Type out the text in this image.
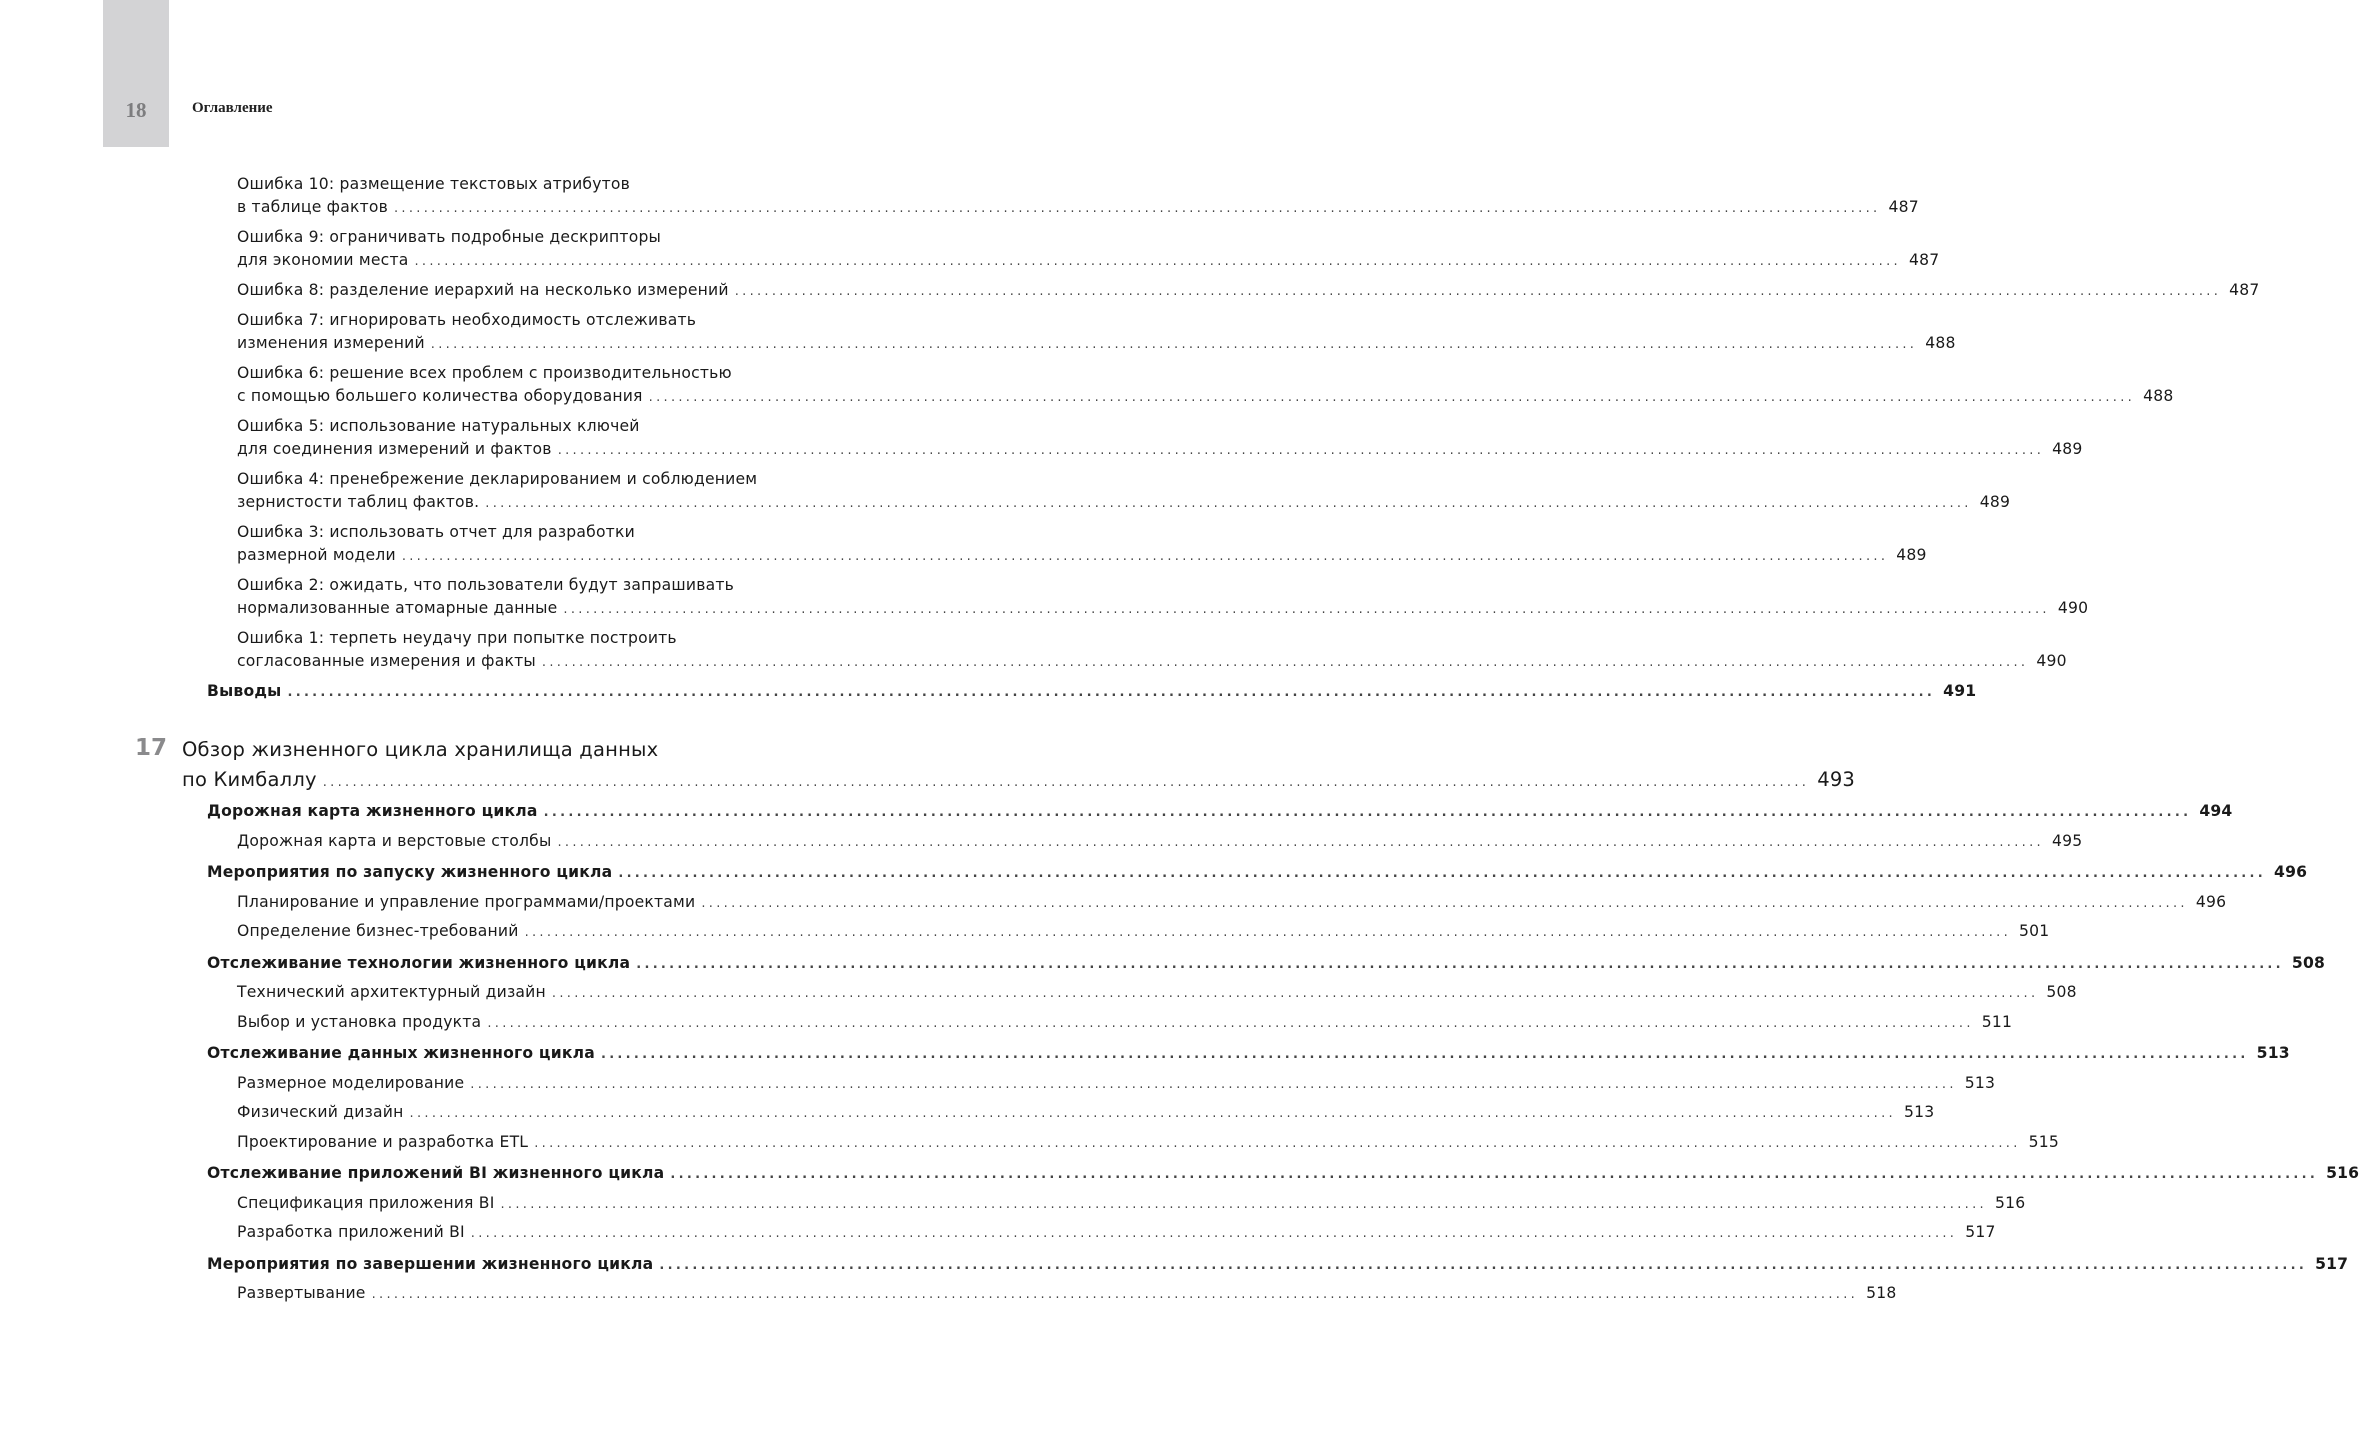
18	Оглавление
17
Ошибка 10: размещение текстовых атрибутов
в таблице фактов ........................................................................................................................................................................................................ 487
Ошибка 9: ограничивать подробные дескрипторы
для экономии места ........................................................................................................................................................................................................ 487
Ошибка 8: разделение иерархий на несколько измерений ........................................................................................................................................................................................................ 487
Ошибка 7: игнорировать необходимость отслеживать
изменения измерений ........................................................................................................................................................................................................ 488
Ошибка 6: решение всех проблем с производительностью
с помощью большего количества оборудования ........................................................................................................................................................................................................ 488
Ошибка 5: использование натуральных ключей
для соединения измерений и фактов ........................................................................................................................................................................................................ 489
Ошибка 4: пренебрежение декларированием и соблюдением
зернистости таблиц фактов. ........................................................................................................................................................................................................ 489
Ошибка 3: использовать отчет для разработки
размерной модели ........................................................................................................................................................................................................ 489
Ошибка 2: ожидать, что пользователи будут запрашивать
нормализованные атомарные данные ........................................................................................................................................................................................................ 490
Ошибка 1: терпеть неудачу при попытке построить
согласованные измерения и факты ........................................................................................................................................................................................................ 490
Выводы ........................................................................................................................................................................................................ 491
Обзор жизненного цикла хранилища данных
по Кимбаллу ........................................................................................................................................................................................................ 493
Дорожная карта жизненного цикла ........................................................................................................................................................................................................ 494
Дорожная карта и верстовые столбы ........................................................................................................................................................................................................ 495
Мероприятия по запуску жизненного цикла ........................................................................................................................................................................................................ 496
Планирование и управление программами/проектами ........................................................................................................................................................................................................ 496
Определение бизнес-требований ........................................................................................................................................................................................................ 501
Отслеживание технологии жизненного цикла ........................................................................................................................................................................................................ 508
Технический архитектурный дизайн ........................................................................................................................................................................................................ 508
Выбор и установка продукта ........................................................................................................................................................................................................ 511
Отслеживание данных жизненного цикла ........................................................................................................................................................................................................ 513
Размерное моделирование ........................................................................................................................................................................................................ 513
Физический дизайн ........................................................................................................................................................................................................ 513
Проектирование и разработка ETL ........................................................................................................................................................................................................ 515
Отслеживание приложений BI жизненного цикла ........................................................................................................................................................................................................ 516
Спецификация приложения BI ........................................................................................................................................................................................................ 516
Разработка приложений BI ........................................................................................................................................................................................................ 517
Мероприятия по завершении жизненного цикла ........................................................................................................................................................................................................ 517
Развертывание ........................................................................................................................................................................................................ 518
